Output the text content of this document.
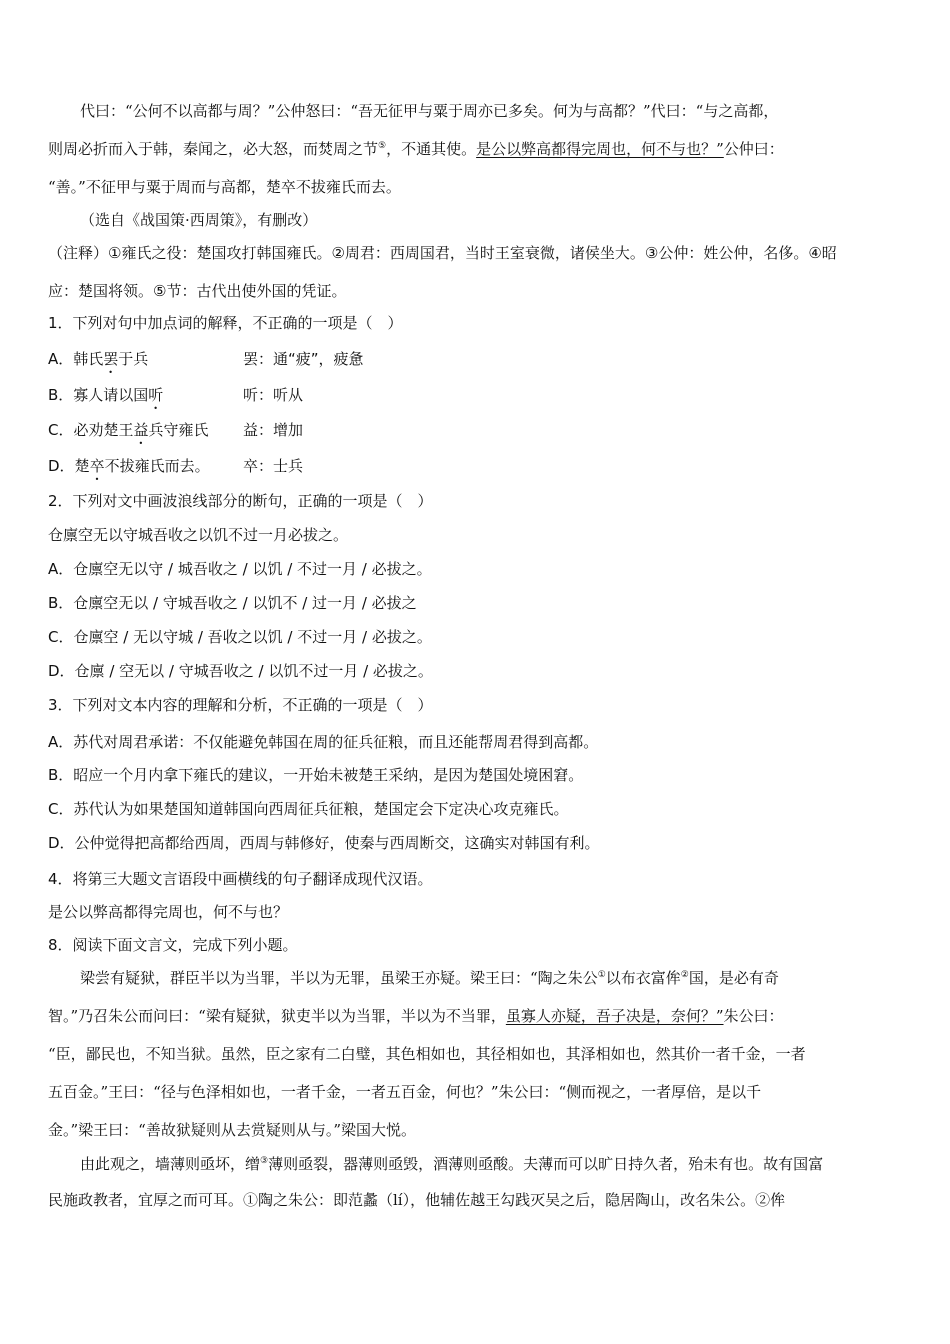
代曰：“公何不以高都与周？”公仲怒曰：“吾无征甲与粟于周亦已多矣。何为与高都？”代曰：“与之高都，
则周必折而入于韩，秦闻之，必大怒，而焚周之节⑤，不通其使。是公以弊高都得完周也，何不与也？”公仲曰：
“善。”不征甲与粟于周而与高都，楚卒不拔雍氏而去。
（选自《战国策·西周策》，有删改）
（注释）①雍氏之役：楚国攻打韩国雍氏。②周君：西周国君，当时王室衰微，诸侯坐大。③公仲：姓公仲，名侈。④昭
应：楚国将领。⑤节：古代出使外国的凭证。
1．下列对句中加点词的解释，不正确的一项是（　）
A．韩氏罢于兵	罢：通“疲”，疲惫
B．寡人请以国听	听：听从
C．必劝楚王益兵守雍氏 益：增加
D．楚卒不拔雍氏而去。 卒：士兵
2．下列对文中画波浪线部分的断句，正确的一项是（　）
仓廪空无以守城吾收之以饥不过一月必拔之。
A．仓廪空无以守 / 城吾收之 / 以饥 / 不过一月 / 必拔之。
B．仓廪空无以 / 守城吾收之 / 以饥不 / 过一月 / 必拔之
C．仓廪空 / 无以守城 / 吾收之以饥 / 不过一月 / 必拔之。
D．仓廪 / 空无以 / 守城吾收之 / 以饥不过一月 / 必拔之。
3．下列对文本内容的理解和分析，不正确的一项是（　）
A．苏代对周君承诺：不仅能避免韩国在周的征兵征粮，而且还能帮周君得到高都。
B．昭应一个月内拿下雍氏的建议，一开始未被楚王采纳，是因为楚国处境困窘。
C．苏代认为如果楚国知道韩国向西周征兵征粮，楚国定会下定决心攻克雍氏。
D．公仲觉得把高都给西周，西周与韩修好，使秦与西周断交，这确实对韩国有利。
4．将第三大题文言语段中画横线的句子翻译成现代汉语。
是公以弊高都得完周也，何不与也？
8．阅读下面文言文，完成下列小题。
梁尝有疑狱，群臣半以为当罪，半以为无罪，虽梁王亦疑。梁王曰：“陶之朱公①以布衣富侔②国，是必有奇
智。”乃召朱公而问曰：“梁有疑狱，狱吏半以为当罪，半以为不当罪，虽寡人亦疑，吾子决是，奈何？”朱公曰：
“臣，鄙民也，不知当狱。虽然，臣之家有二白璧，其色相如也，其径相如也，其泽相如也，然其价一者千金，一者
五百金。”王曰：“径与色泽相如也，一者千金，一者五百金，何也？”朱公曰：“侧而视之，一者厚倍，是以千
金。”梁王曰：“善故狱疑则从去赏疑则从与。”梁国大悦。
由此观之，墙薄则亟坏，缯③薄则亟裂，器薄则亟毁，酒薄则亟酸。夫薄而可以旷日持久者，殆未有也。故有国富
民施政教者，宜厚之而可耳。①陶之朱公：即范蠡（lí），他辅佐越王勾践灭吴之后，隐居陶山，改名朱公。②侔
